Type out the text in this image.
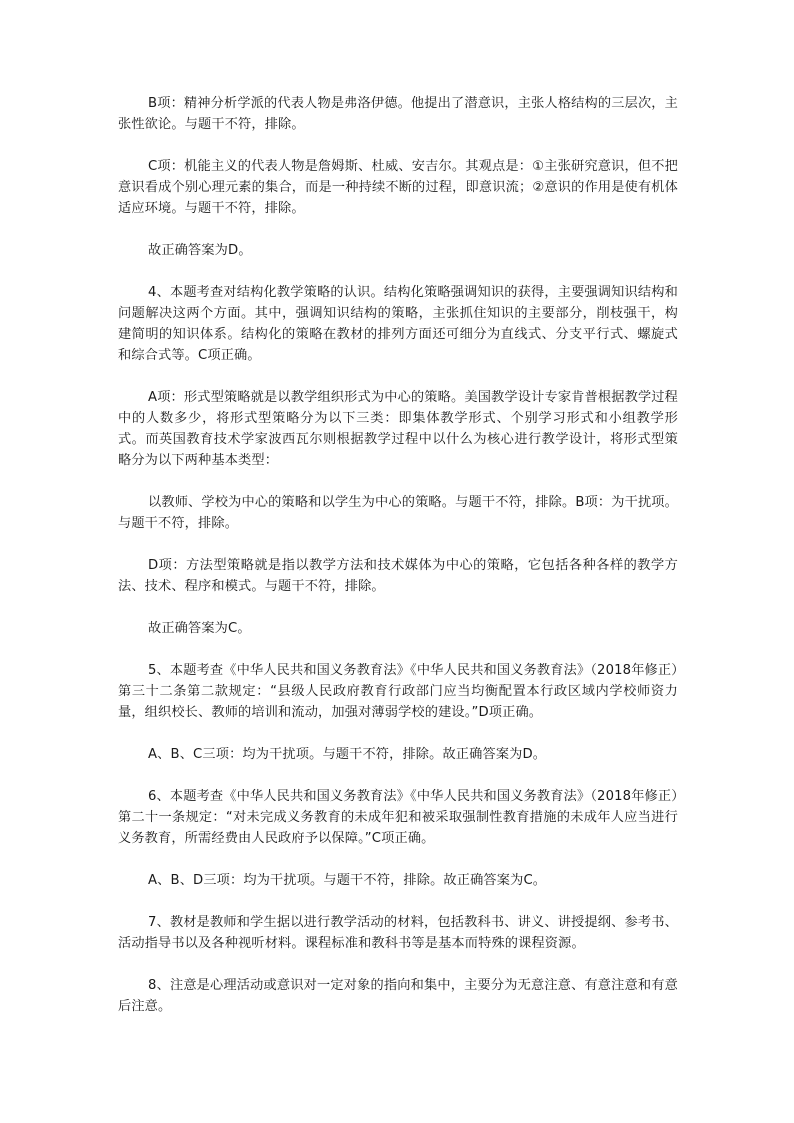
B项：精神分析学派的代表人物是弗洛伊德。他提出了潜意识，主张人格结构的三层次，主张性欲论。与题干不符，排除。

C项：机能主义的代表人物是詹姆斯、杜威、安吉尔。其观点是：①主张研究意识，但不把意识看成个别心理元素的集合，而是一种持续不断的过程，即意识流；②意识的作用是使有机体适应环境。与题干不符，排除。

故正确答案为D。

4、本题考查对结构化教学策略的认识。结构化策略强调知识的获得，主要强调知识结构和问题解决这两个方面。其中，强调知识结构的策略，主张抓住知识的主要部分，削枝强干，构建简明的知识体系。结构化的策略在教材的排列方面还可细分为直线式、分支平行式、螺旋式和综合式等。C项正确。

A项：形式型策略就是以教学组织形式为中心的策略。美国教学设计专家肯普根据教学过程中的人数多少，将形式型策略分为以下三类：即集体教学形式、个别学习形式和小组教学形式。而英国教育技术学家波西瓦尔则根据教学过程中以什么为核心进行教学设计，将形式型策略分为以下两种基本类型：

以教师、学校为中心的策略和以学生为中心的策略。与题干不符，排除。B项：为干扰项。与题干不符，排除。

D项：方法型策略就是指以教学方法和技术媒体为中心的策略，它包括各种各样的教学方法、技术、程序和模式。与题干不符，排除。

故正确答案为C。

5、本题考查《中华人民共和国义务教育法》《中华人民共和国义务教育法》（2018年修正）第三十二条第二款规定：“县级人民政府教育行政部门应当均衡配置本行政区域内学校师资力量，组织校长、教师的培训和流动，加强对薄弱学校的建设。”D项正确。

A、B、C三项：均为干扰项。与题干不符，排除。故正确答案为D。

6、本题考查《中华人民共和国义务教育法》《中华人民共和国义务教育法》（2018年修正）第二十一条规定：“对未完成义务教育的未成年犯和被采取强制性教育措施的未成年人应当进行义务教育，所需经费由人民政府予以保障。”C项正确。

A、B、D三项：均为干扰项。与题干不符，排除。故正确答案为C。

7、教材是教师和学生据以进行教学活动的材料，包括教科书、讲义、讲授提纲、参考书、活动指导书以及各种视听材料。课程标准和教科书等是基本而特殊的课程资源。

8、注意是心理活动或意识对一定对象的指向和集中，主要分为无意注意、有意注意和有意后注意。
